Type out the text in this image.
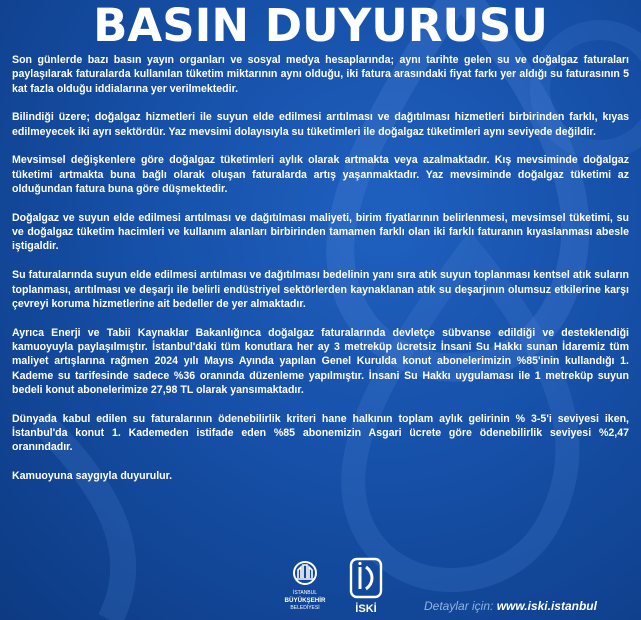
BASIN DUYURUSU

Son günlerde bazı basın yayın organları ve sosyal medya hesaplarında; aynı tarihte gelen su ve doğalgaz faturaları paylaşılarak faturalarda kullanılan tüketim miktarının aynı olduğu, iki fatura arasındaki fiyat farkı yer aldığı su faturasının 5 kat fazla olduğu iddialarına yer verilmektedir.

Bilindiği üzere; doğalgaz hizmetleri ile suyun elde edilmesi arıtılması ve dağıtılması hizmetleri birbirinden farklı, kıyas edilmeyecek iki ayrı sektördür. Yaz mevsimi dolayısıyla su tüketimleri ile doğalgaz tüketimleri aynı seviyede değildir.

Mevsimsel değişkenlere göre doğalgaz tüketimleri aylık olarak artmakta veya azalmaktadır. Kış mevsiminde doğalgaz tüketimi artmakta buna bağlı olarak oluşan faturalarda artış yaşanmaktadır. Yaz mevsiminde doğalgaz tüketimi az olduğundan fatura buna göre düşmektedir.

Doğalgaz ve suyun elde edilmesi arıtılması ve dağıtılması maliyeti, birim fiyatlarının belirlenmesi, mevsimsel tüketimi, su ve doğalgaz tüketim hacimleri ve kullanım alanları birbirinden tamamen farklı olan iki farklı faturanın kıyaslanması abesle iştigaldir.

Su faturalarında suyun elde edilmesi arıtılması ve dağıtılması bedelinin yanı sıra atık suyun toplanması kentsel atık suların toplanması, arıtılması ve deşarjı ile belirli endüstriyel sektörlerden kaynaklanan atık su deşarjının olumsuz etkilerine karşı çevreyi koruma hizmetlerine ait bedeller de yer almaktadır.

Ayrıca Enerji ve Tabii Kaynaklar Bakanlığınca doğalgaz faturalarında devletçe sübvanse edildiği ve desteklendiği kamuoyuyla paylaşılmıştır. İstanbul'daki tüm konutlara her ay 3 metreküp ücretsiz İnsani Su Hakkı sunan İdaremiz tüm maliyet artışlarına rağmen 2024 yılı Mayıs Ayında yapılan Genel Kurulda konut abonelerimizin %85'inin kullandığı 1. Kademe su tarifesinde sadece %36 oranında düzenleme yapılmıştır. İnsani Su Hakkı uygulaması ile 1 metreküp suyun bedeli konut abonelerimize 27,98 TL olarak yansımaktadır.

Dünyada kabul edilen su faturalarının ödenebilirlik kriteri hane halkının toplam aylık gelirinin % 3-5'i seviyesi iken, İstanbul'da konut 1. Kademeden istifade eden %85 abonemizin Asgari ücrete göre ödenebilirlik seviyesi %2,47 oranındadır.

Kamuoyuna saygıyla duyurulur.

İSTANBUL
BÜYÜKŞEHİR
BELEDİYESİ	İSKİ	Detaylar için: www.iski.istanbul
